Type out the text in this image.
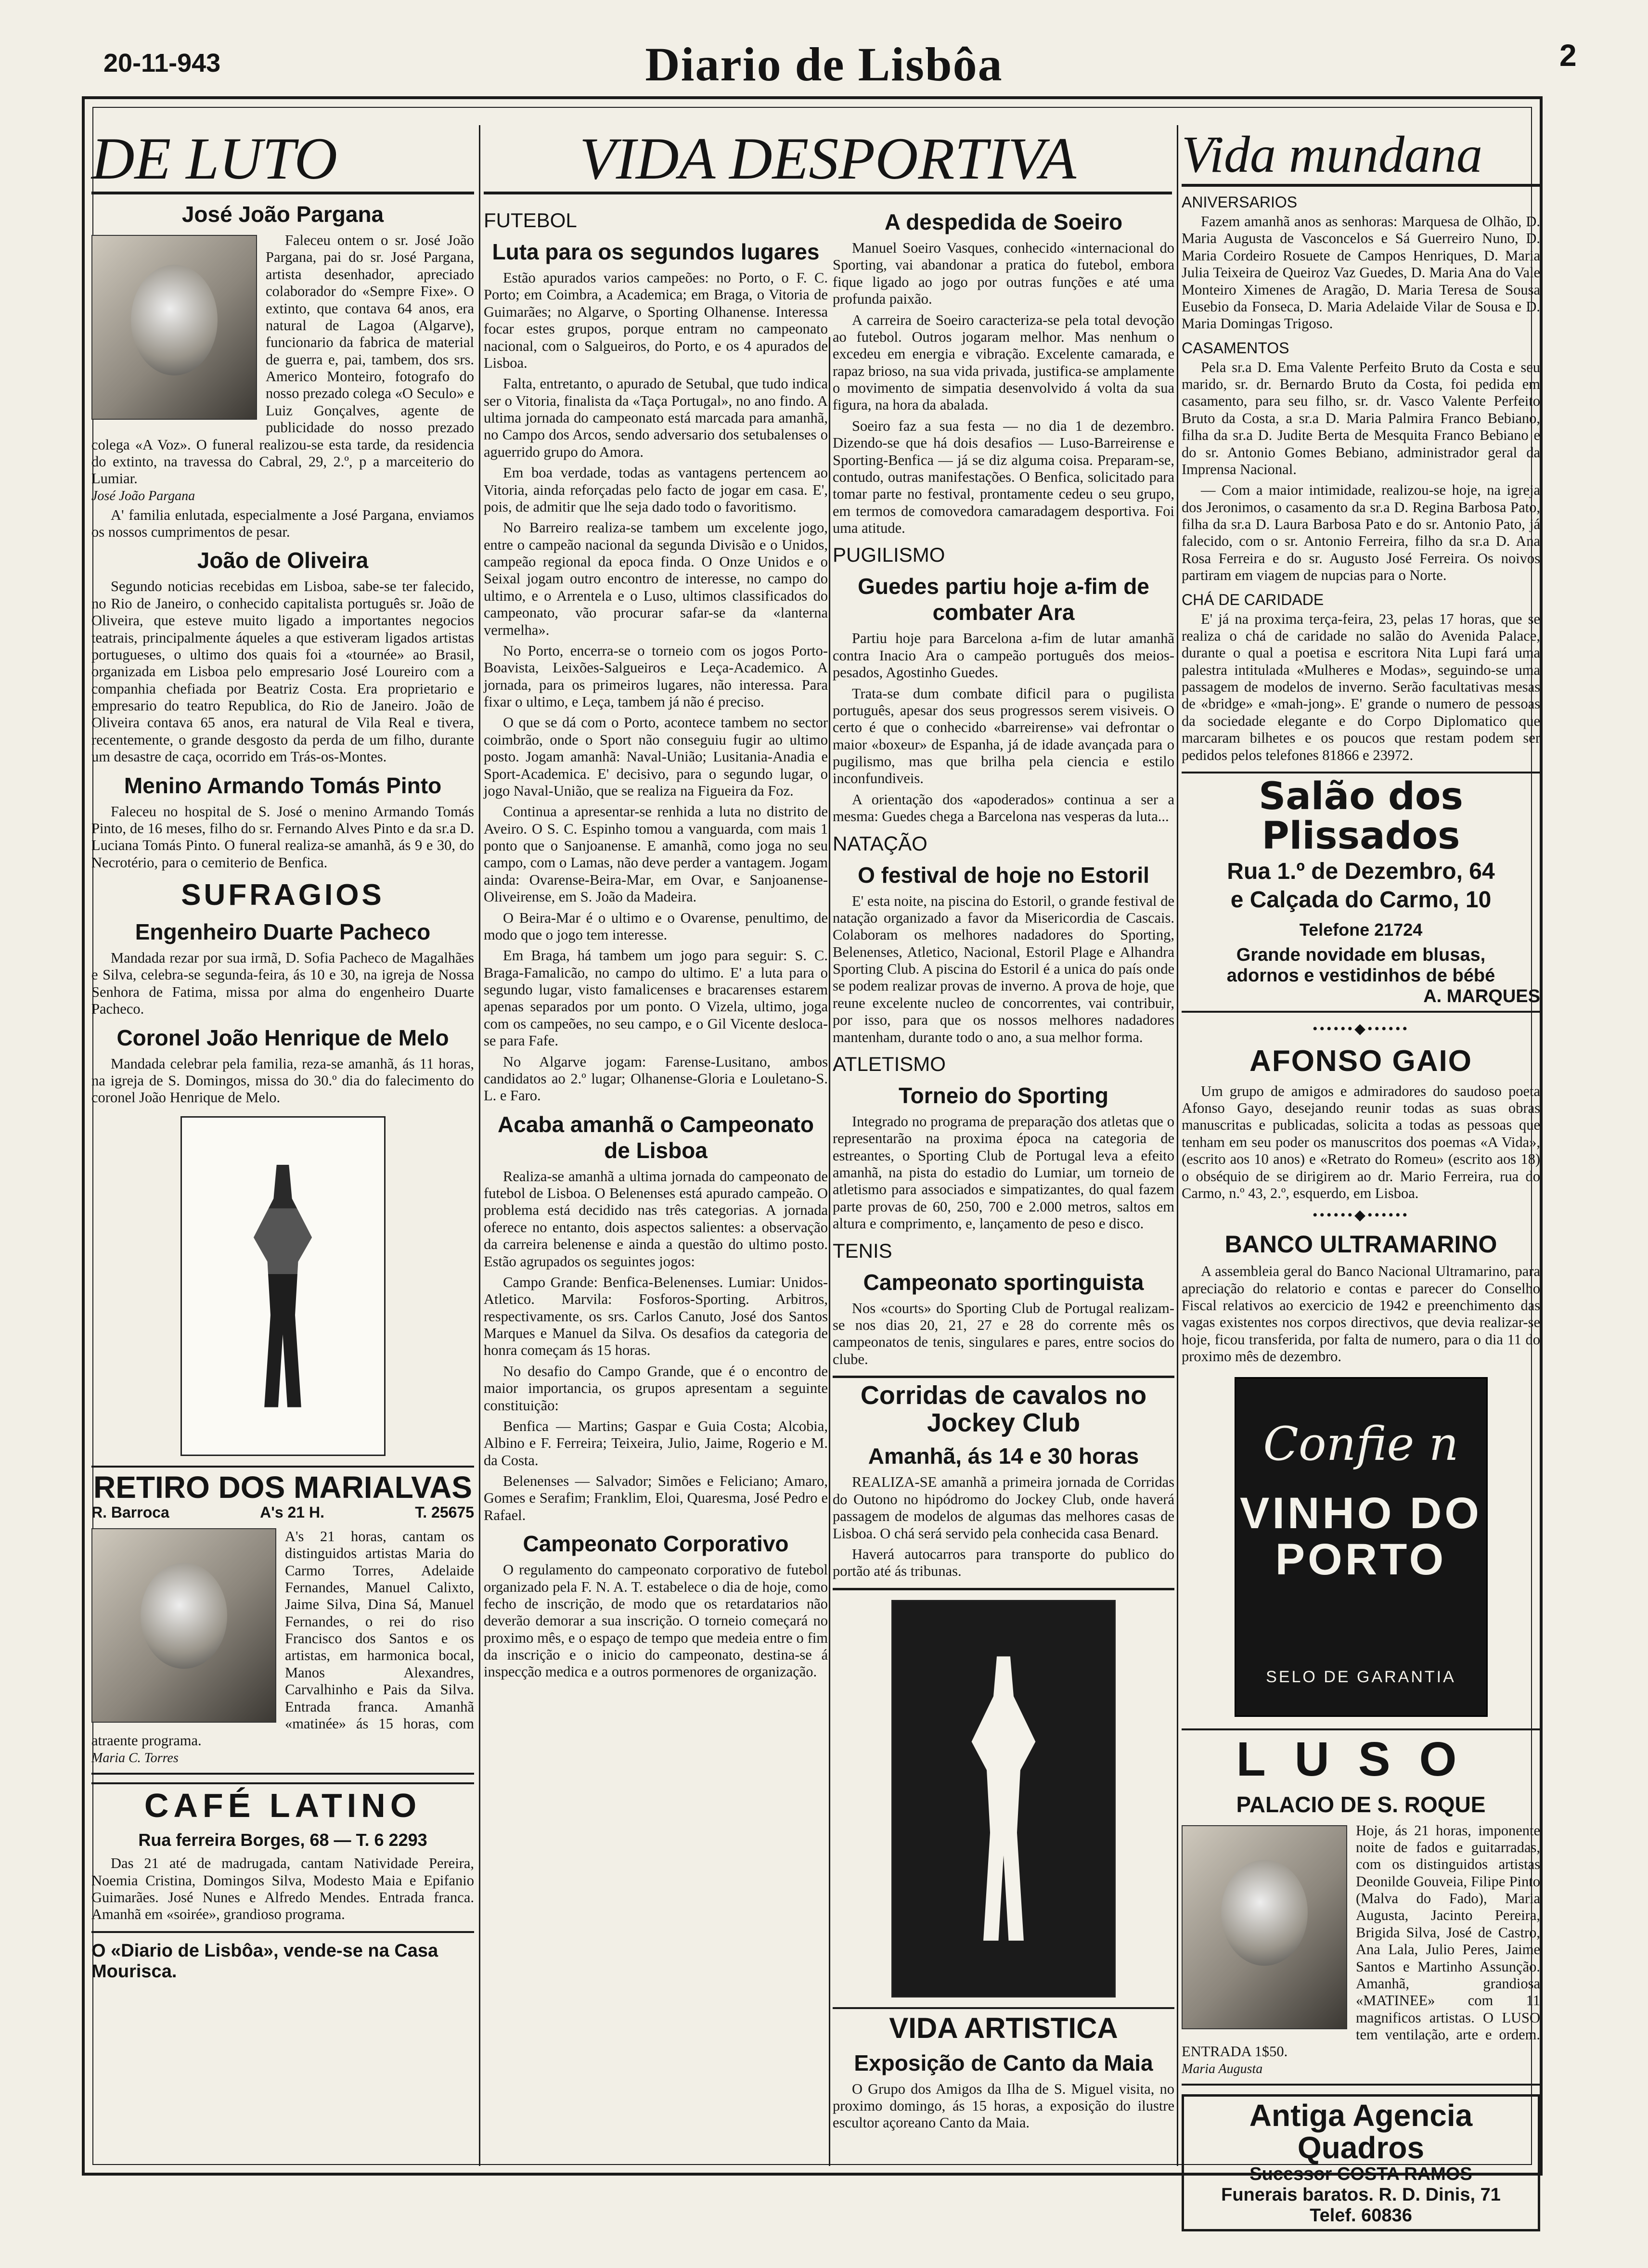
20-11-943	Diario de Lisbôa	2
DE LUTO
José João Pargana

Faleceu ontem o sr. José João Pargana, pai do sr. José Pargana, artista desenhador, apreciado colaborador do «Sempre Fixe». O extinto, que contava 64 anos, era natural de Lagoa (Algarve), funcionario da fabrica de material de guerra e, pai, tambem, dos srs. Americo Monteiro, fotografo do nosso prezado colega «O Seculo» e Luiz Gonçalves, agente de publicidade do nosso prezado colega «A Voz». O funeral realizou-se esta tarde, da residencia do extinto, na travessa do Cabral, 29, 2.º, p a marceiterio do Lumiar.

José João Pargana

A' familia enlutada, especialmente a José Pargana, enviamos os nossos cumprimentos de pesar.

João de Oliveira

Segundo noticias recebidas em Lisboa, sabe-se ter falecido, no Rio de Janeiro, o conhecido capitalista português sr. João de Oliveira, que esteve muito ligado a importantes negocios teatrais, principalmente áqueles a que estiveram ligados artistas portugueses, o ultimo dos quais foi a «tournée» ao Brasil, organizada em Lisboa pelo empresario José Loureiro com a companhia chefiada por Beatriz Costa. Era proprietario e empresario do teatro Republica, do Rio de Janeiro. João de Oliveira contava 65 anos, era natural de Vila Real e tivera, recentemente, o grande desgosto da perda de um filho, durante um desastre de caça, ocorrido em Trás-os-Montes.

Menino Armando Tomás Pinto

Faleceu no hospital de S. José o menino Armando Tomás Pinto, de 16 meses, filho do sr. Fernando Alves Pinto e da sr.a D. Luciana Tomás Pinto. O funeral realiza-se amanhã, ás 9 e 30, do Necrotério, para o cemiterio de Benfica.

SUFRAGIOS
Engenheiro Duarte Pacheco

Mandada rezar por sua irmã, D. Sofia Pacheco de Magalhães e Silva, celebra-se segunda-feira, ás 10 e 30, na igreja de Nossa Senhora de Fatima, missa por alma do engenheiro Duarte Pacheco.

Coronel João Henrique de Melo

Mandada celebrar pela familia, reza-se amanhã, ás 11 horas, na igreja de S. Domingos, missa do 30.º dia do falecimento do coronel João Henrique de Melo.

RETIRO DOS MARIALVAS
R. Barroca	A's 21 H.	T. 25675

A's 21 horas, cantam os distinguidos artistas Maria do Carmo Torres, Adelaide Fernandes, Manuel Calixto, Jaime Silva, Dina Sá, Manuel Fernandes, o rei do riso Francisco dos Santos e os artistas, em harmonica bocal, Manos Alexandres, Carvalhinho e Pais da Silva. Entrada franca. Amanhã «matinée» ás 15 horas, com atraente programa.

Maria C. Torres
CAFÉ LATINO
Rua ferreira Borges, 68 — T. 6 2293

Das 21 até de madrugada, cantam Natividade Pereira, Noemia Cristina, Domingos Silva, Modesto Maia e Epifanio Guimarães. José Nunes e Alfredo Mendes. Entrada franca. Amanhã em «soirée», grandioso programa.

O «Diario de Lisbôa», vende-se na Casa Mourisca.
VIDA DESPORTIVA
FUTEBOL
Luta para os segundos lugares

Estão apurados varios campeões: no Porto, o F. C. Porto; em Coimbra, a Academica; em Braga, o Vitoria de Guimarães; no Algarve, o Sporting Olhanense. Interessa focar estes grupos, porque entram no campeonato nacional, com o Salgueiros, do Porto, e os 4 apurados de Lisboa.

Falta, entretanto, o apurado de Setubal, que tudo indica ser o Vitoria, finalista da «Taça Portugal», no ano findo. A ultima jornada do campeonato está marcada para amanhã, no Campo dos Arcos, sendo adversario dos setubalenses o aguerrido grupo do Amora.

Em boa verdade, todas as vantagens pertencem ao Vitoria, ainda reforçadas pelo facto de jogar em casa. E', pois, de admitir que lhe seja dado todo o favoritismo.

No Barreiro realiza-se tambem um excelente jogo, entre o campeão nacional da segunda Divisão e o Unidos, campeão regional da epoca finda. O Onze Unidos e o Seixal jogam outro encontro de interesse, no campo do ultimo, e o Arrentela e o Luso, ultimos classificados do campeonato, vão procurar safar-se da «lanterna vermelha».

No Porto, encerra-se o torneio com os jogos Porto-Boavista, Leixões-Salgueiros e Leça-Academico. A jornada, para os primeiros lugares, não interessa. Para fixar o ultimo, e Leça, tambem já não é preciso.

O que se dá com o Porto, acontece tambem no sector coimbrão, onde o Sport não conseguiu fugir ao ultimo posto. Jogam amanhã: Naval-União; Lusitania-Anadia e Sport-Academica. E' decisivo, para o segundo lugar, o jogo Naval-União, que se realiza na Figueira da Foz.

Continua a apresentar-se renhida a luta no distrito de Aveiro. O S. C. Espinho tomou a vanguarda, com mais 1 ponto que o Sanjoanense. E amanhã, como joga no seu campo, com o Lamas, não deve perder a vantagem. Jogam ainda: Ovarense-Beira-Mar, em Ovar, e Sanjoanense-Oliveirense, em S. João da Madeira.

O Beira-Mar é o ultimo e o Ovarense, penultimo, de modo que o jogo tem interesse.

Em Braga, há tambem um jogo para seguir: S. C. Braga-Famalicão, no campo do ultimo. E' a luta para o segundo lugar, visto famalicenses e bracarenses estarem apenas separados por um ponto. O Vizela, ultimo, joga com os campeões, no seu campo, e o Gil Vicente desloca-se para Fafe.

No Algarve jogam: Farense-Lusitano, ambos candidatos ao 2.º lugar; Olhanense-Gloria e Louletano-S. L. e Faro.

Acaba amanhã o Campeonato de Lisboa

Realiza-se amanhã a ultima jornada do campeonato de futebol de Lisboa. O Belenenses está apurado campeão. O problema está decidido nas três categorias. A jornada oferece no entanto, dois aspectos salientes: a observação da carreira belenense e ainda a questão do ultimo posto. Estão agrupados os seguintes jogos:

Campo Grande: Benfica-Belenenses. Lumiar: Unidos-Atletico. Marvila: Fosforos-Sporting. Arbitros, respectivamente, os srs. Carlos Canuto, José dos Santos Marques e Manuel da Silva. Os desafios da categoria de honra começam ás 15 horas.

No desafio do Campo Grande, que é o encontro de maior importancia, os grupos apresentam a seguinte constituição:

Benfica — Martins; Gaspar e Guia Costa; Alcobia, Albino e F. Ferreira; Teixeira, Julio, Jaime, Rogerio e M. da Costa.

Belenenses — Salvador; Simões e Feliciano; Amaro, Gomes e Serafim; Franklim, Eloi, Quaresma, José Pedro e Rafael.

Campeonato Corporativo

O regulamento do campeonato corporativo de futebol organizado pela F. N. A. T. estabelece o dia de hoje, como fecho de inscrição, de modo que os retardatarios não deverão demorar a sua inscrição. O torneio começará no proximo mês, e o espaço de tempo que medeia entre o fim da inscrição e o inicio do campeonato, destina-se á inspecção medica e a outros pormenores de organização.

A despedida de Soeiro

Manuel Soeiro Vasques, conhecido «internacional do Sporting, vai abandonar a pratica do futebol, embora fique ligado ao jogo por outras funções e até uma profunda paixão.

A carreira de Soeiro caracteriza-se pela total devoção ao futebol. Outros jogaram melhor. Mas nenhum o excedeu em energia e vibração. Excelente camarada, e rapaz brioso, na sua vida privada, justifica-se amplamente o movimento de simpatia desenvolvido á volta da sua figura, na hora da abalada.

Soeiro faz a sua festa — no dia 1 de dezembro. Dizendo-se que há dois desafios — Luso-Barreirense e Sporting-Benfica — já se diz alguma coisa. Preparam-se, contudo, outras manifestações. O Benfica, solicitado para tomar parte no festival, prontamente cedeu o seu grupo, em termos de comovedora camaradagem desportiva. Foi uma atitude.

PUGILISMO
Guedes partiu hoje a-fim de combater Ara

Partiu hoje para Barcelona a-fim de lutar amanhã contra Inacio Ara o campeão português dos meios-pesados, Agostinho Guedes.

Trata-se dum combate dificil para o pugilista português, apesar dos seus progressos serem visiveis. O certo é que o conhecido «barreirense» vai defrontar o maior «boxeur» de Espanha, já de idade avançada para o pugilismo, mas que brilha pela ciencia e estilo inconfundiveis.

A orientação dos «apoderados» continua a ser a mesma: Guedes chega a Barcelona nas vesperas da luta...

NATAÇÃO
O festival de hoje no Estoril

E' esta noite, na piscina do Estoril, o grande festival de natação organizado a favor da Misericordia de Cascais. Colaboram os melhores nadadores do Sporting, Belenenses, Atletico, Nacional, Estoril Plage e Alhandra Sporting Club. A piscina do Estoril é a unica do país onde se podem realizar provas de inverno. A prova de hoje, que reune excelente nucleo de concorrentes, vai contribuir, por isso, para que os nossos melhores nadadores mantenham, durante todo o ano, a sua melhor forma.

ATLETISMO
Torneio do Sporting

Integrado no programa de preparação dos atletas que o representarão na proxima época na categoria de estreantes, o Sporting Club de Portugal leva a efeito amanhã, na pista do estadio do Lumiar, um torneio de atletismo para associados e simpatizantes, do qual fazem parte provas de 60, 250, 700 e 2.000 metros, saltos em altura e comprimento, e, lançamento de peso e disco.

TENIS
Campeonato sportinguista

Nos «courts» do Sporting Club de Portugal realizam-se nos dias 20, 21, 27 e 28 do corrente mês os campeonatos de tenis, singulares e pares, entre socios do clube.

Corridas de cavalos no Jockey Club
Amanhã, ás 14 e 30 horas

REALIZA-SE amanhã a primeira jornada de Corridas do Outono no hipódromo do Jockey Club, onde haverá passagem de modelos de algumas das melhores casas de Lisboa. O chá será servido pela conhecida casa Benard.

Haverá autocarros para transporte do publico do portão até ás tribunas.

VIDA ARTISTICA
Exposição de Canto da Maia

O Grupo dos Amigos da Ilha de S. Miguel visita, no proximo domingo, ás 15 horas, a exposição do ilustre escultor açoreano Canto da Maia.

Vida mundana
ANIVERSARIOS

Fazem amanhã anos as senhoras: Marquesa de Olhão, D. Maria Augusta de Vasconcelos e Sá Guerreiro Nuno, D. Maria Cordeiro Rosuete de Campos Henriques, D. Maria Julia Teixeira de Queiroz Vaz Guedes, D. Maria Ana do Vale Monteiro Ximenes de Aragão, D. Maria Teresa de Sousa Eusebio da Fonseca, D. Maria Adelaide Vilar de Sousa e D. Maria Domingas Trigoso.

CASAMENTOS

Pela sr.a D. Ema Valente Perfeito Bruto da Costa e seu marido, sr. dr. Bernardo Bruto da Costa, foi pedida em casamento, para seu filho, sr. dr. Vasco Valente Perfeito Bruto da Costa, a sr.a D. Maria Palmira Franco Bebiano, filha da sr.a D. Judite Berta de Mesquita Franco Bebiano e do sr. Antonio Gomes Bebiano, administrador geral da Imprensa Nacional.

— Com a maior intimidade, realizou-se hoje, na igreja dos Jeronimos, o casamento da sr.a D. Regina Barbosa Pato, filha da sr.a D. Laura Barbosa Pato e do sr. Antonio Pato, já falecido, com o sr. Antonio Ferreira, filho da sr.a D. Ana Rosa Ferreira e do sr. Augusto José Ferreira. Os noivos partiram em viagem de nupcias para o Norte.

CHÁ DE CARIDADE

E' já na proxima terça-feira, 23, pelas 17 horas, que se realiza o chá de caridade no salão do Avenida Palace, durante o qual a poetisa e escritora Nita Lupi fará uma palestra intitulada «Mulheres e Modas», seguindo-se uma passagem de modelos de inverno. Serão facultativas mesas de «bridge» e «mah-jong». E' grande o numero de pessoas da sociedade elegante e do Corpo Diplomatico que marcaram bilhetes e os poucos que restam podem ser pedidos pelos telefones 81866 e 23972.

Salão dos Plissados
Rua 1.º de Dezembro, 64
e Calçada do Carmo, 10
Telefone 21724
Grande novidade em blusas,
adornos e vestidinhos de bébé
A. MARQUES
••••••◆••••••
AFONSO GAIO

Um grupo de amigos e admiradores do saudoso poeta Afonso Gayo, desejando reunir todas as suas obras manuscritas e publicadas, solicita a todas as pessoas que tenham em seu poder os manuscritos dos poemas «A Vida», (escrito aos 10 anos) e «Retrato do Romeu» (escrito aos 18) o obséquio de se dirigirem ao dr. Mario Ferreira, rua do Carmo, n.º 43, 2.º, esquerdo, em Lisboa.

••••••◆••••••
BANCO ULTRAMARINO

A assembleia geral do Banco Nacional Ultramarino, para apreciação do relatorio e contas e parecer do Conselho Fiscal relativos ao exercicio de 1942 e preenchimento das vagas existentes nos corpos directivos, que devia realizar-se hoje, ficou transferida, por falta de numero, para o dia 11 do proximo mês de dezembro.

Confie n
VINHO DO PORTO
SELO DE GARANTIA
LUSO
PALACIO DE S. ROQUE

Hoje, ás 21 horas, imponente noite de fados e guitarradas, com os distinguidos artistas Deonilde Gouveia, Filipe Pinto (Malva do Fado), Maria Augusta, Jacinto Pereira, Brigida Silva, José de Castro, Ana Lala, Julio Peres, Jaime Santos e Martinho Assunção. Amanhã, grandiosa «MATINEE» com 11 magnificos artistas. O LUSO tem ventilação, arte e ordem. ENTRADA 1$50.

Maria Augusta
Antiga Agencia Quadros
Sucessor COSTA RAMOS
Funerais baratos. R. D. Dinis, 71
Telef. 60836
